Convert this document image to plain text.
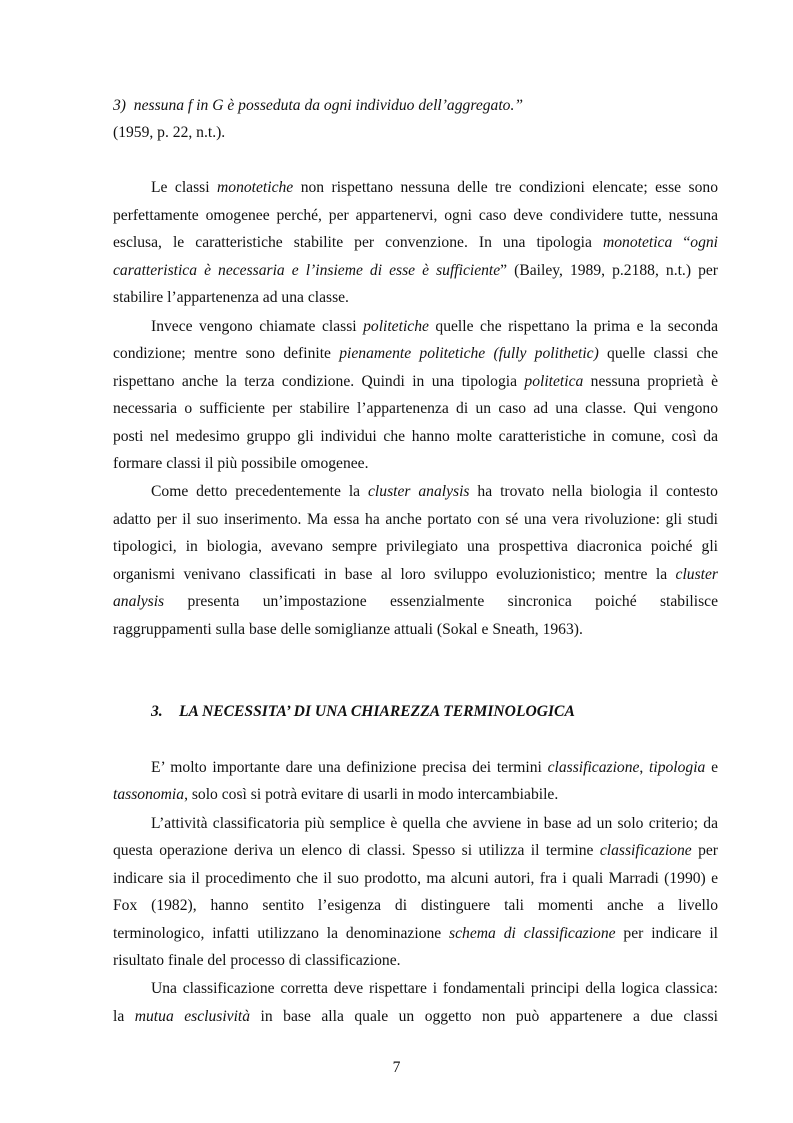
3)  nessuna f in G è posseduta da ogni individuo dell’aggregato.”
(1959, p. 22, n.t.).
Le classi monotetiche non rispettano nessuna delle tre condizioni elencate; esse sono
perfettamente omogenee perché, per appartenervi, ogni caso deve condividere tutte, nessuna
esclusa, le caratteristiche stabilite per convenzione. In una tipologia monotetica “ogni
caratteristica è necessaria e l’insieme di esse è sufficiente” (Bailey, 1989, p.2188, n.t.) per
stabilire l’appartenenza ad una classe.
Invece vengono chiamate classi politetiche quelle che rispettano la prima e la seconda
condizione; mentre sono definite pienamente politetiche (fully polithetic) quelle classi che
rispettano anche la terza condizione. Quindi in una tipologia politetica nessuna proprietà è
necessaria o sufficiente per stabilire l’appartenenza di un caso ad una classe. Qui vengono
posti nel medesimo gruppo gli individui che hanno molte caratteristiche in comune, così da
formare classi il più possibile omogenee.
Come detto precedentemente la cluster analysis ha trovato nella biologia il contesto
adatto per il suo inserimento. Ma essa ha anche portato con sé una vera rivoluzione: gli studi
tipologici, in biologia, avevano sempre privilegiato una prospettiva diacronica poiché gli
organismi venivano classificati in base al loro sviluppo evoluzionistico; mentre la cluster
analysis presenta un’impostazione essenzialmente sincronica poiché stabilisce
raggruppamenti sulla base delle somiglianze attuali (Sokal e Sneath, 1963).
E’ molto importante dare una definizione precisa dei termini classificazione, tipologia e
tassonomia, solo così si potrà evitare di usarli in modo intercambiabile.
L’attività classificatoria più semplice è quella che avviene in base ad un solo criterio; da
questa operazione deriva un elenco di classi. Spesso si utilizza il termine classificazione per
indicare sia il procedimento che il suo prodotto, ma alcuni autori, fra i quali Marradi (1990) e
Fox (1982), hanno sentito l’esigenza di distinguere tali momenti anche a livello
terminologico, infatti utilizzano la denominazione schema di classificazione per indicare il
risultato finale del processo di classificazione.
Una classificazione corretta deve rispettare i fondamentali principi della logica classica:
la mutua esclusività in base alla quale un oggetto non può appartenere a due classi
3. LA NECESSITA’ DI UNA CHIAREZZA TERMINOLOGICA
7
